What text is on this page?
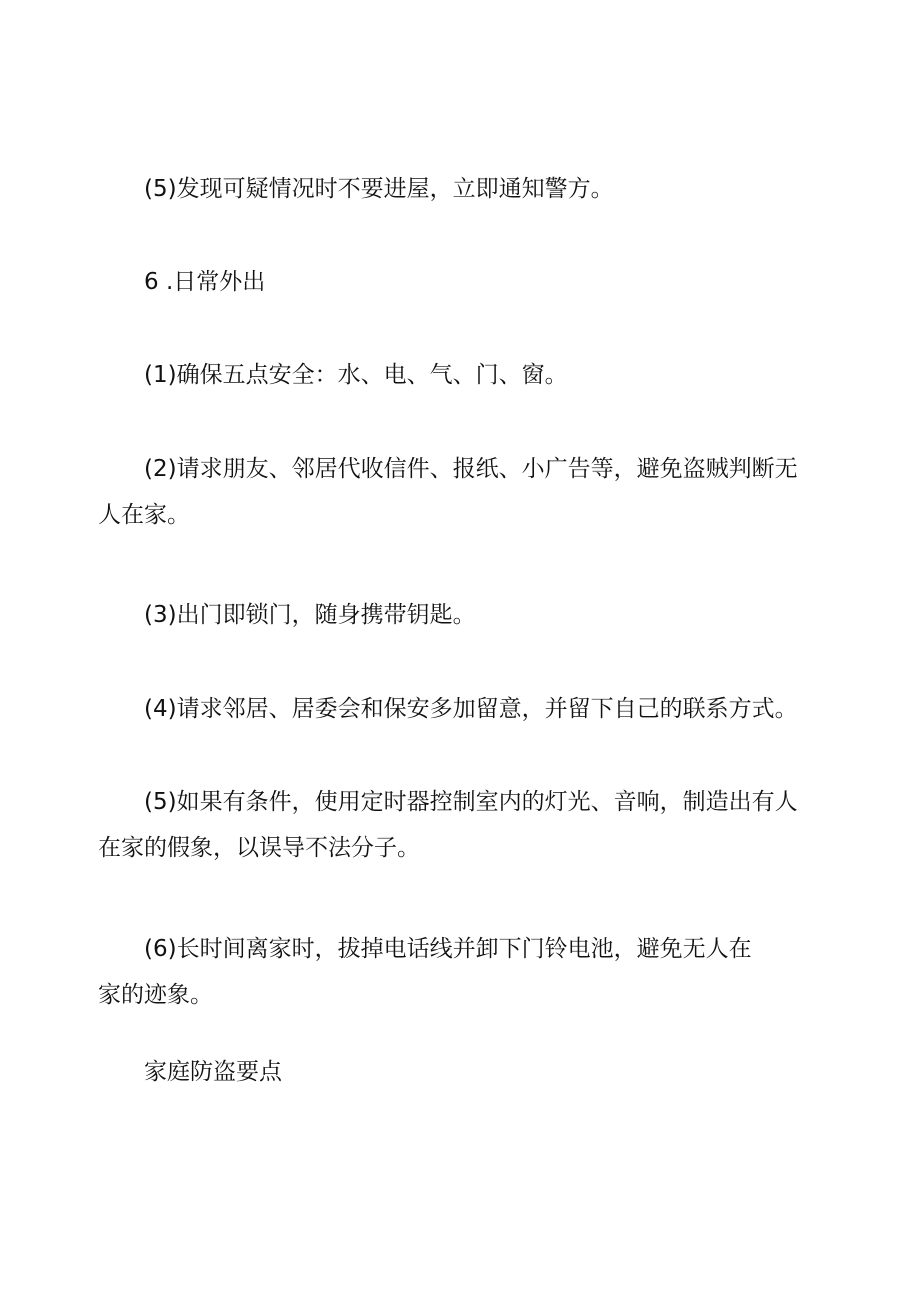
(5)发现可疑情况时不要进屋，立即通知警方。

6 .日常外出

(1)确保五点安全：水、电、气、门、窗。

(2)请求朋友、邻居代收信件、报纸、小广告等，避免盗贼判断无人在家。

(3)出门即锁门，随身携带钥匙。

(4)请求邻居、居委会和保安多加留意，并留下自己的联系方式。

(5)如果有条件，使用定时器控制室内的灯光、音响，制造出有人在家的假象，以误导不法分子。

(6)长时间离家时，拔掉电话线并卸下门铃电池，避免无人在家的迹象。

家庭防盗要点
